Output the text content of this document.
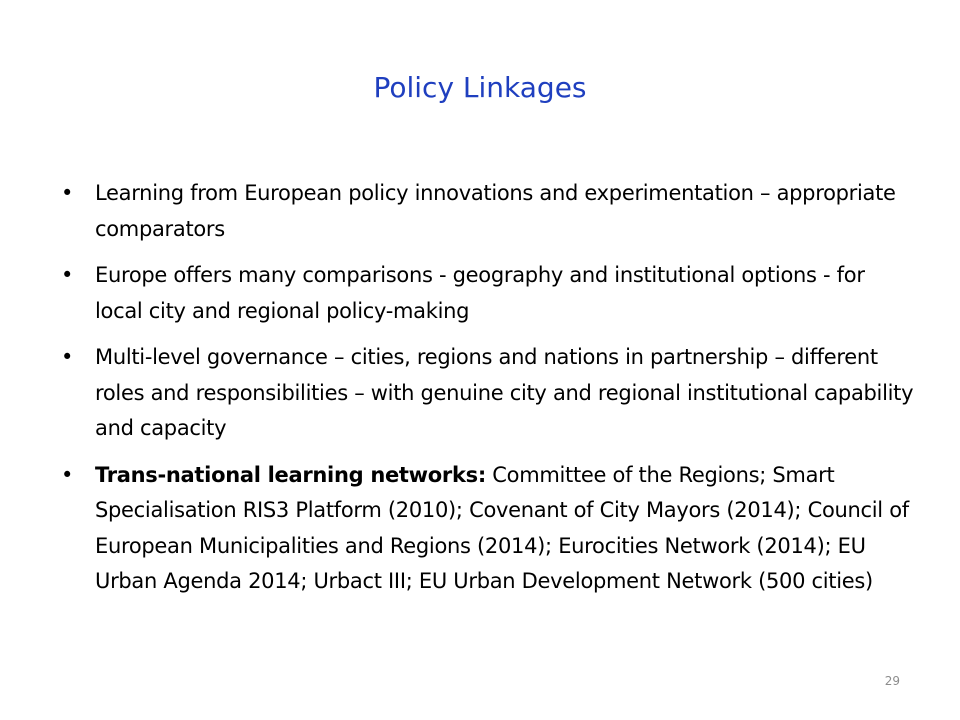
Policy Linkages
• Learning from European policy innovations and experimentation – appropriate comparators
• Europe offers many comparisons - geography and institutional options - for local city and regional policy-making
• Multi-level governance – cities, regions and nations in partnership – different roles and responsibilities – with genuine city and regional institutional capability and capacity
• Trans-national learning networks: Committee of the Regions; Smart Specialisation RIS3 Platform (2010); Covenant of City Mayors (2014); Council of European Municipalities and Regions (2014); Eurocities Network (2014); EU Urban Agenda 2014; Urbact III; EU Urban Development Network (500 cities)
29
